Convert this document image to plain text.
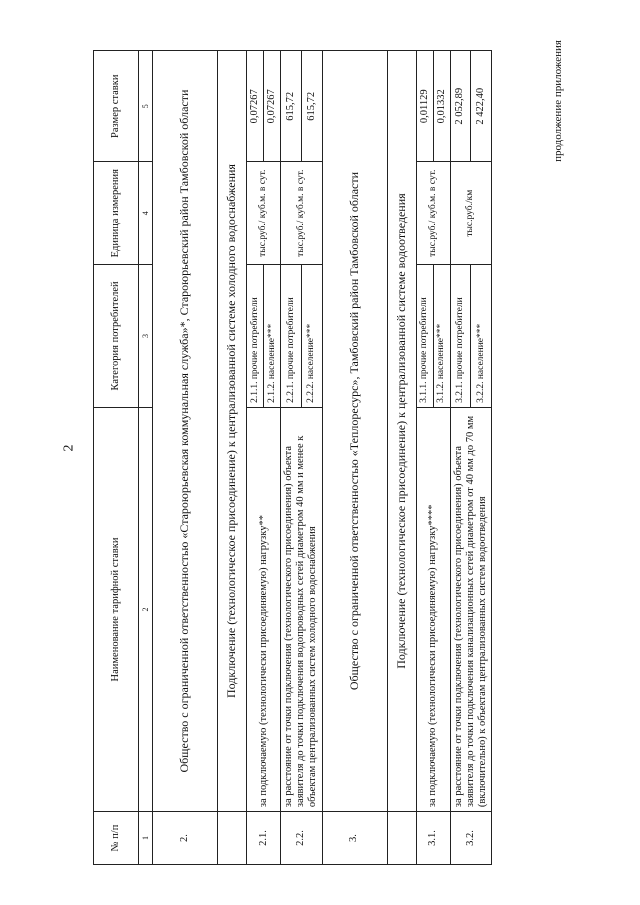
2
продолжение приложения
№ п/п	Наименование тарифной ставки	Категория потребителей	Единица измерения	Размер ставки
1	2	3	4	5
2.	Общество с ограниченной ответственностью «Староюрьевская коммунальная служба»*, Староюрьевский район Тамбовской области			
	Подключение (технологическое присоединение) к централизованной системе холодного водоснабжения			
2.1.	за подключаемую (технологически присоединяемую) нагрузку**	2.1.1. прочие потребители	тыс.руб./ куб.м. в сут.	0,07267
		2.1.2. население***		0,07267
2.2.	за расстояние от точки подключения (технологического присоединения) объекта заявителя до точки подключения водопроводных сетей диаметром 40 мм и менее к объектам централизованных систем холодного водоснабжения	2.2.1. прочие потребители	тыс.руб./ куб.м. в сут.	615,72
		2.2.2. население***		615,72
3.	Общество с ограниченной ответственностью «Теплоресурс», Тамбовский район Тамбовской области			
	Подключение (технологическое присоединение) к централизованной системе водоотведения			
3.1.	за подключаемую (технологически присоединяемую) нагрузку****	3.1.1. прочие потребители	тыс.руб./ куб.м. в сут.	0,01129
		3.1.2. население***		0,01332
3.2.	за расстояние от точки подключения (технологического присоединения) объекта заявителя до точки подключения канализационных сетей диаметром от 40 мм до 70 мм (включительно) к объектам централизованных систем водоотведения	3.2.1. прочие потребители	тыс.руб./км	2 052,89
		3.2.2. население***		2 422,40
